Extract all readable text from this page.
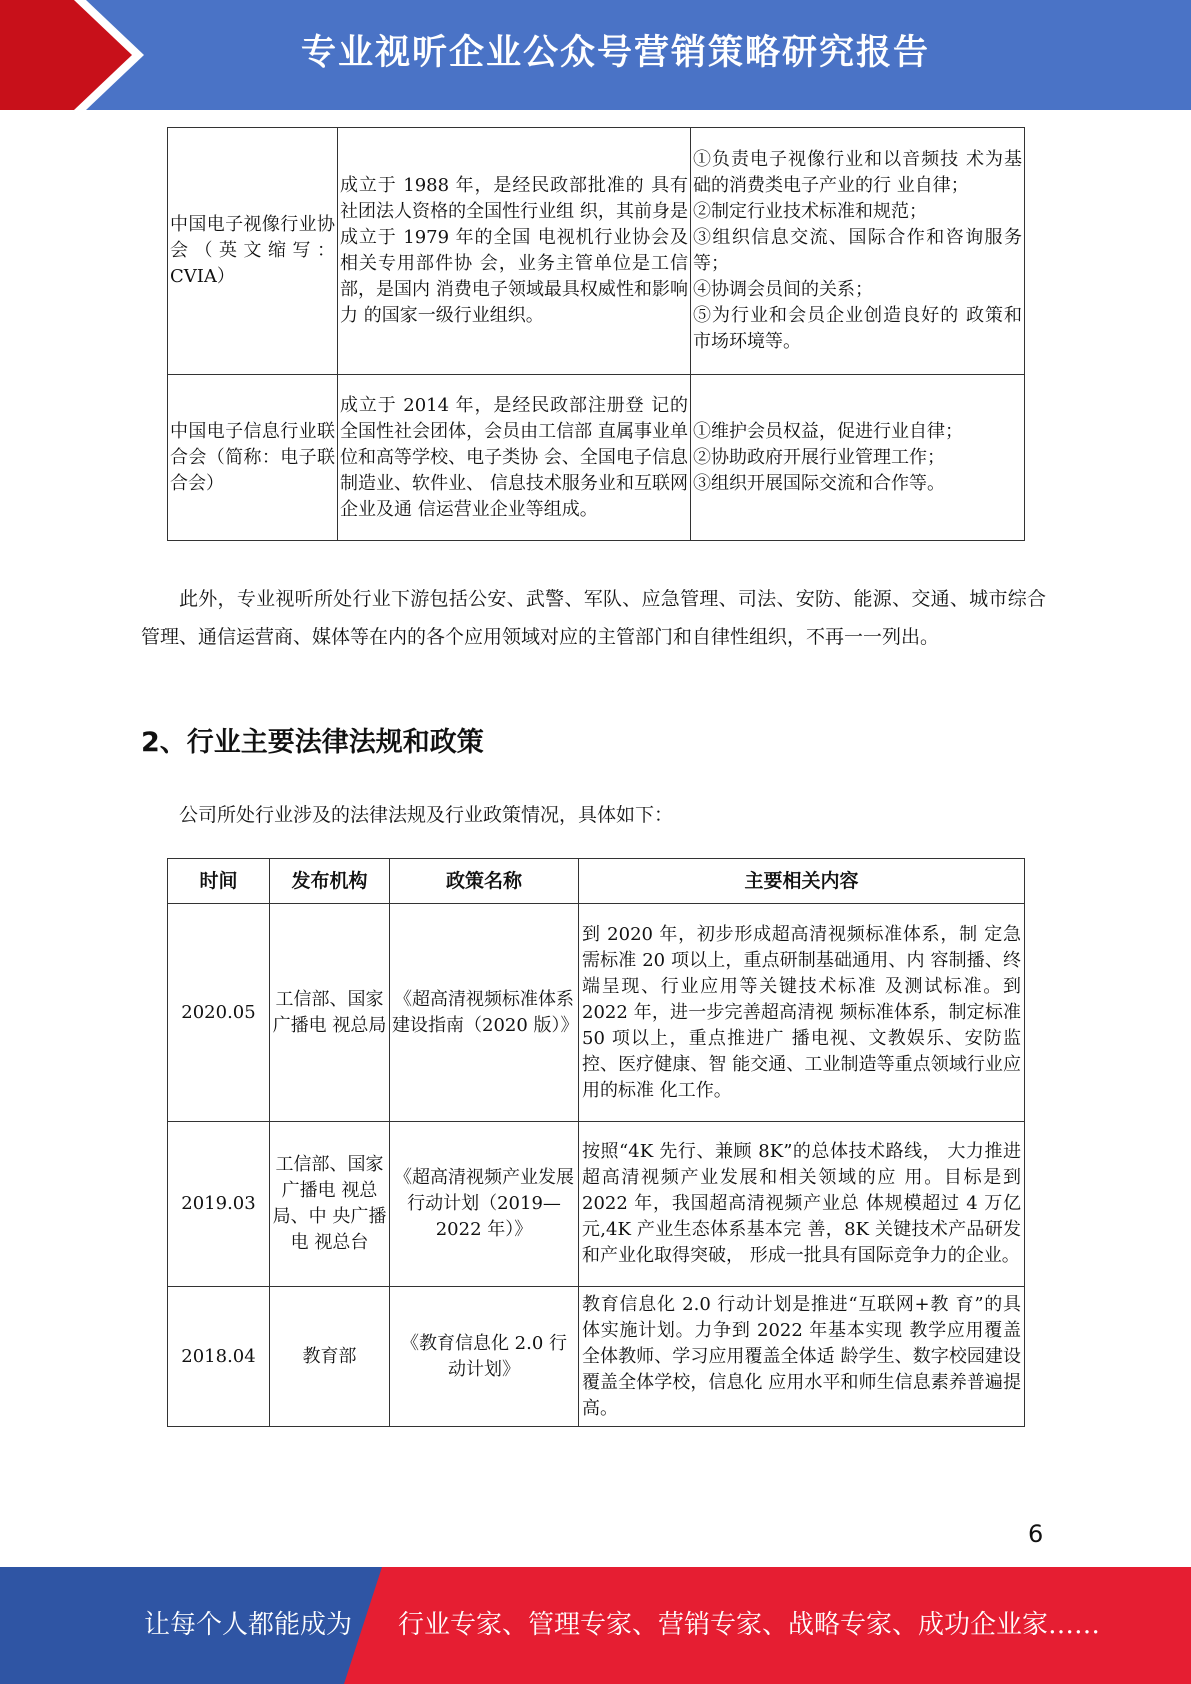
专业视听企业公众号营销策略研究报告
中国电子视像行业协会（英文缩写：CVIA）	成立于 1988 年，是经民政部批准的 具有社团法人资格的全国性行业组 织，其前身是成立于 1979 年的全国 电视机行业协会及相关专用部件协 会，业务主管单位是工信部，是国内 消费电子领域最具权威性和影响力 的国家一级行业组织。	①负责电子视像行业和以音频技 术为基础的消费类电子产业的行 业自律；
②制定行业技术标准和规范；
③组织信息交流、国际合作和咨询服务等；
④协调会员间的关系；
⑤为行业和会员企业创造良好的 政策和市场环境等。

中国电子信息行业联合会（简称：电子联合会）	成立于 2014 年，是经民政部注册登 记的全国性社会团体，会员由工信部 直属事业单位和高等学校、电子类协 会、全国电子信息制造业、软件业、 信息技术服务业和互联网企业及通 信运营业企业等组成。	①维护会员权益，促进行业自律；
②协助政府开展行业管理工作；
③组织开展国际交流和合作等。
此外，专业视听所处行业下游包括公安、武警、军队、应急管理、司法、安防、能源、交通、城市综合管理、通信运营商、媒体等在内的各个应用领域对应的主管部门和自律性组织，不再一一列出。
2、行业主要法律法规和政策
公司所处行业涉及的法律法规及行业政策情况，具体如下：
时间	发布机构	政策名称	主要相关内容
2020.05	工信部、国家广播电 视总局	《超高清视频标准体系建设指南（2020 版）》	到 2020 年，初步形成超高清视频标准体系，制 定急需标准 20 项以上，重点研制基础通用、内 容制播、终端呈现、行业应用等关键技术标准 及测试标准。到 2022 年，进一步完善超高清视 频标准体系，制定标准 50 项以上，重点推进广 播电视、文教娱乐、安防监控、医疗健康、智 能交通、工业制造等重点领域行业应用的标准 化工作。
2019.03	工信部、国家广播电 视总局、中 央广播电 视总台	《超高清视频产业发展行动计划（2019—2022 年）》	按照“4K 先行、兼顾 8K”的总体技术路线， 大力推进超高清视频产业发展和相关领域的应 用。目标是到 2022 年，我国超高清视频产业总 体规模超过 4 万亿元,4K 产业生态体系基本完 善，8K 关键技术产品研发和产业化取得突破， 形成一批具有国际竞争力的企业。
2018.04	教育部	《教育信息化 2.0 行动计划》	教育信息化 2.0 行动计划是推进“互联网+教 育”的具体实施计划。力争到 2022 年基本实现 教学应用覆盖全体教师、学习应用覆盖全体适 龄学生、数字校园建设覆盖全体学校，信息化 应用水平和师生信息素养普遍提高。
6
让每个人都能成为 行业专家、管理专家、营销专家、战略专家、成功企业家……
